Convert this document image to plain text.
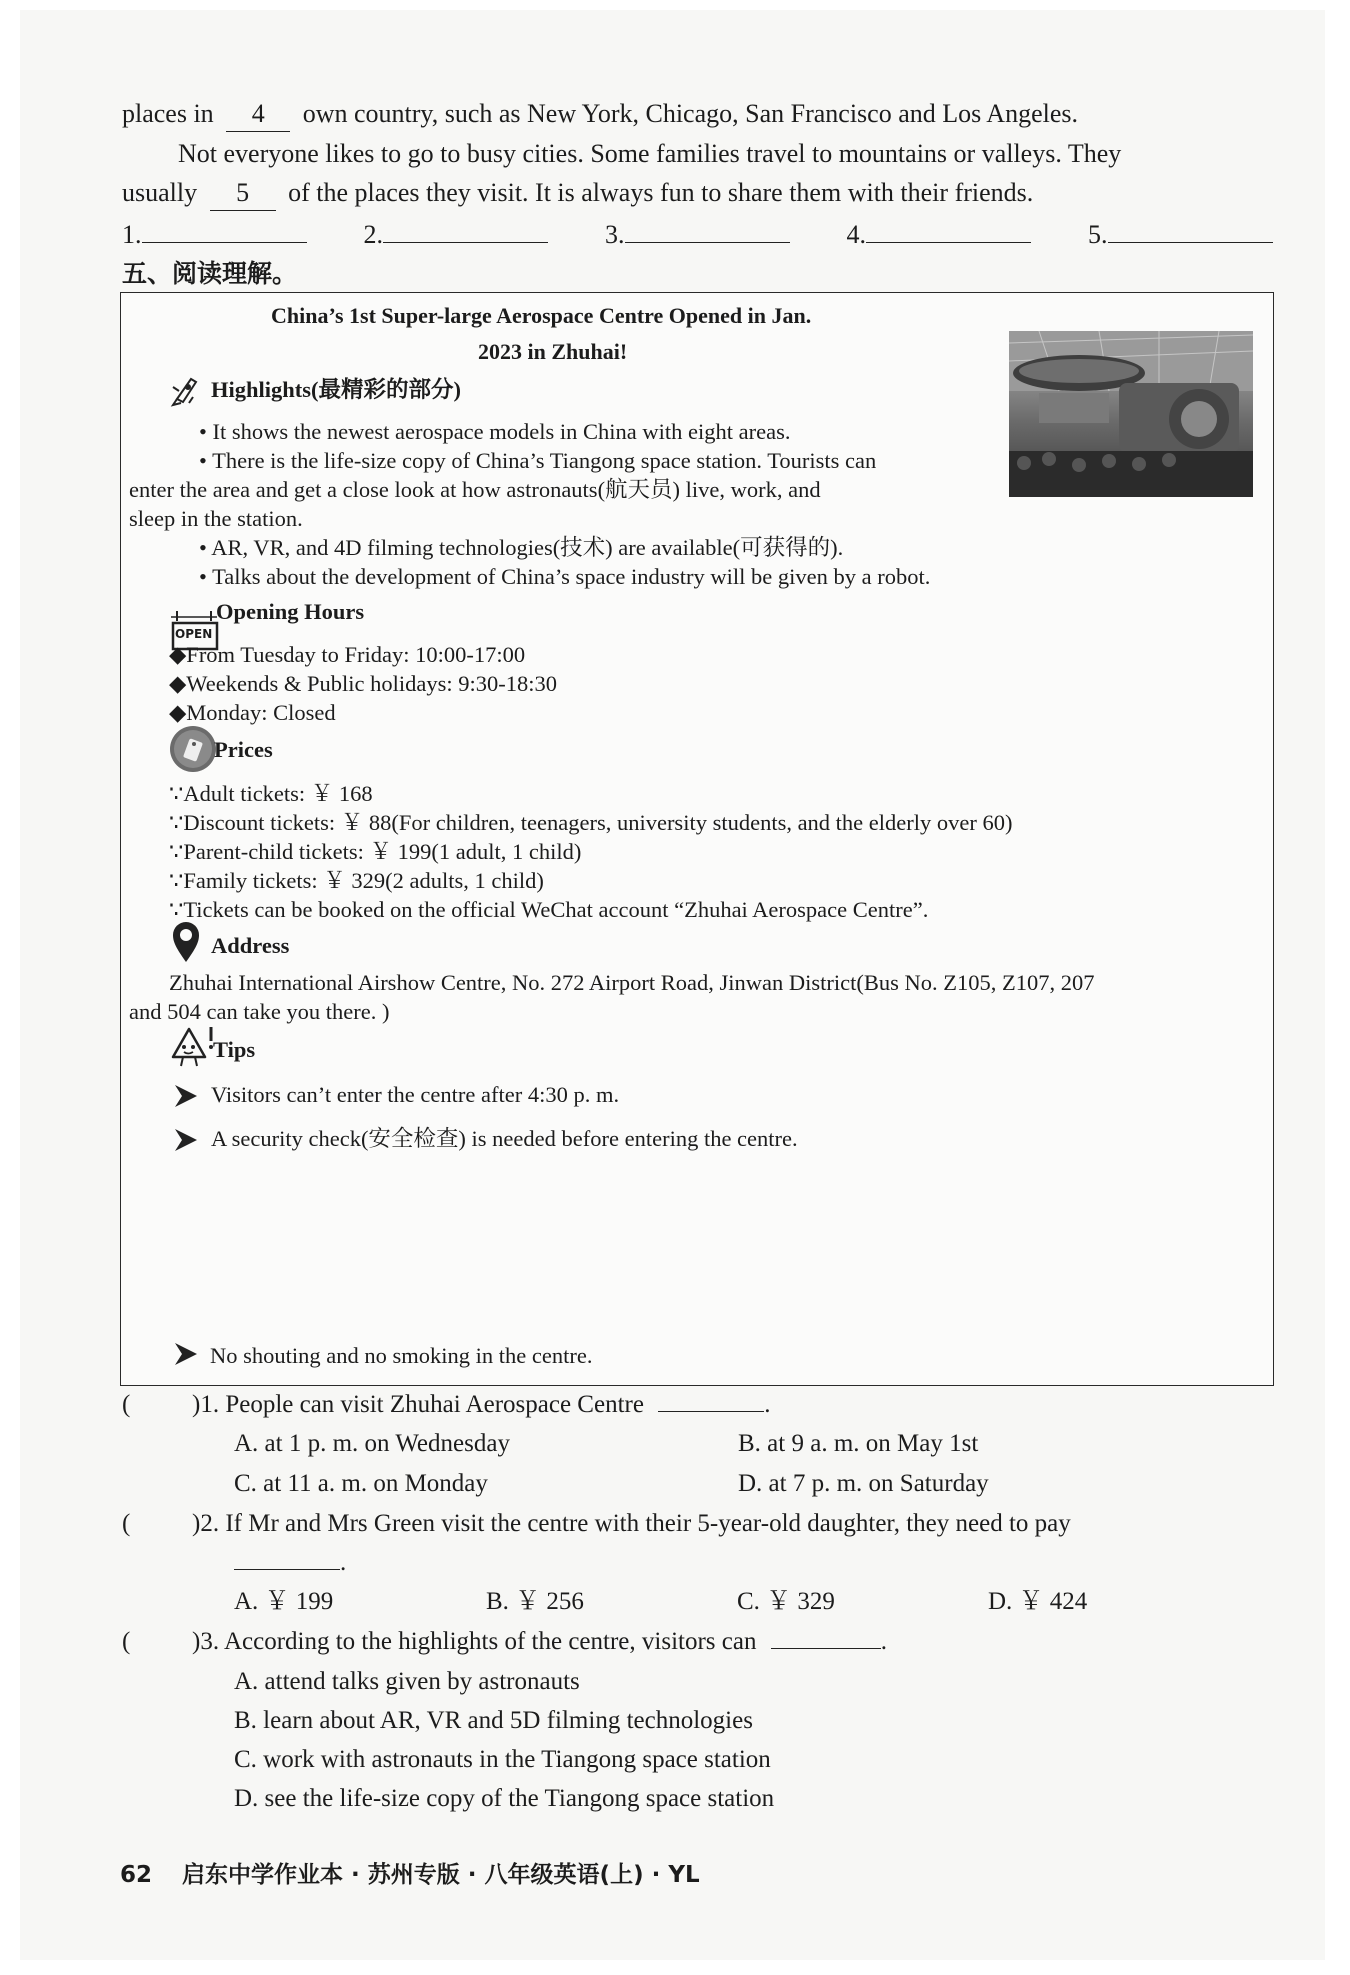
places in 4 own country, such as New York, Chicago, San Francisco and Los Angeles.
Not everyone likes to go to busy cities. Some families travel to mountains or valleys. They
usually 5 of the places they visit. It is always fun to share them with their friends.
1.	2.	3.	4.	5.
五、阅读理解。
China’s 1st Super-large Aerospace Centre Opened in Jan.
2023 in Zhuhai!
Highlights(最精彩的部分)
• It shows the newest aerospace models in China with eight areas.
• There is the life-size copy of China’s Tiangong space station. Tourists can
enter the area and get a close look at how astronauts(航天员) live, work, and
sleep in the station.
• AR, VR, and 4D filming technologies(技术) are available(可获得的).
• Talks about the development of China’s space industry will be given by a robot.
OPEN
Opening Hours
◆From Tuesday to Friday: 10:00-17:00
◆Weekends & Public holidays: 9:30-18:30
◆Monday: Closed
Prices
∵Adult tickets: ￥ 168
∵Discount tickets: ￥ 88(For children, teenagers, university students, and the elderly over 60)
∵Parent-child tickets: ￥ 199(1 adult, 1 child)
∵Family tickets: ￥ 329(2 adults, 1 child)
∵Tickets can be booked on the official WeChat account “Zhuhai Aerospace Centre”.
Address
Zhuhai International Airshow Centre, No. 272 Airport Road, Jinwan District(Bus No. Z105, Z107, 207
and 504 can take you there. )
Tips
Visitors can’t enter the centre after 4:30 p. m.
A security check(安全检查) is needed before entering the centre.
No shouting and no smoking in the centre.
( )1. People can visit Zhuhai Aerospace Centre	.
A. at 1 p. m. on Wednesday	B. at 9 a. m. on May 1st
C. at 11 a. m. on Monday	D. at 7 p. m. on Saturday
( )2. If Mr and Mrs Green visit the centre with their 5-year-old daughter, they need to pay
.
A. ￥ 199	B. ￥ 256	C. ￥ 329	D. ￥ 424
( )3. According to the highlights of the centre, visitors can	.
A. attend talks given by astronauts
B. learn about AR, VR and 5D filming technologies
C. work with astronauts in the Tiangong space station
D. see the life-size copy of the Tiangong space station
62 启东中学作业本 · 苏州专版 · 八年级英语(上) · YL
